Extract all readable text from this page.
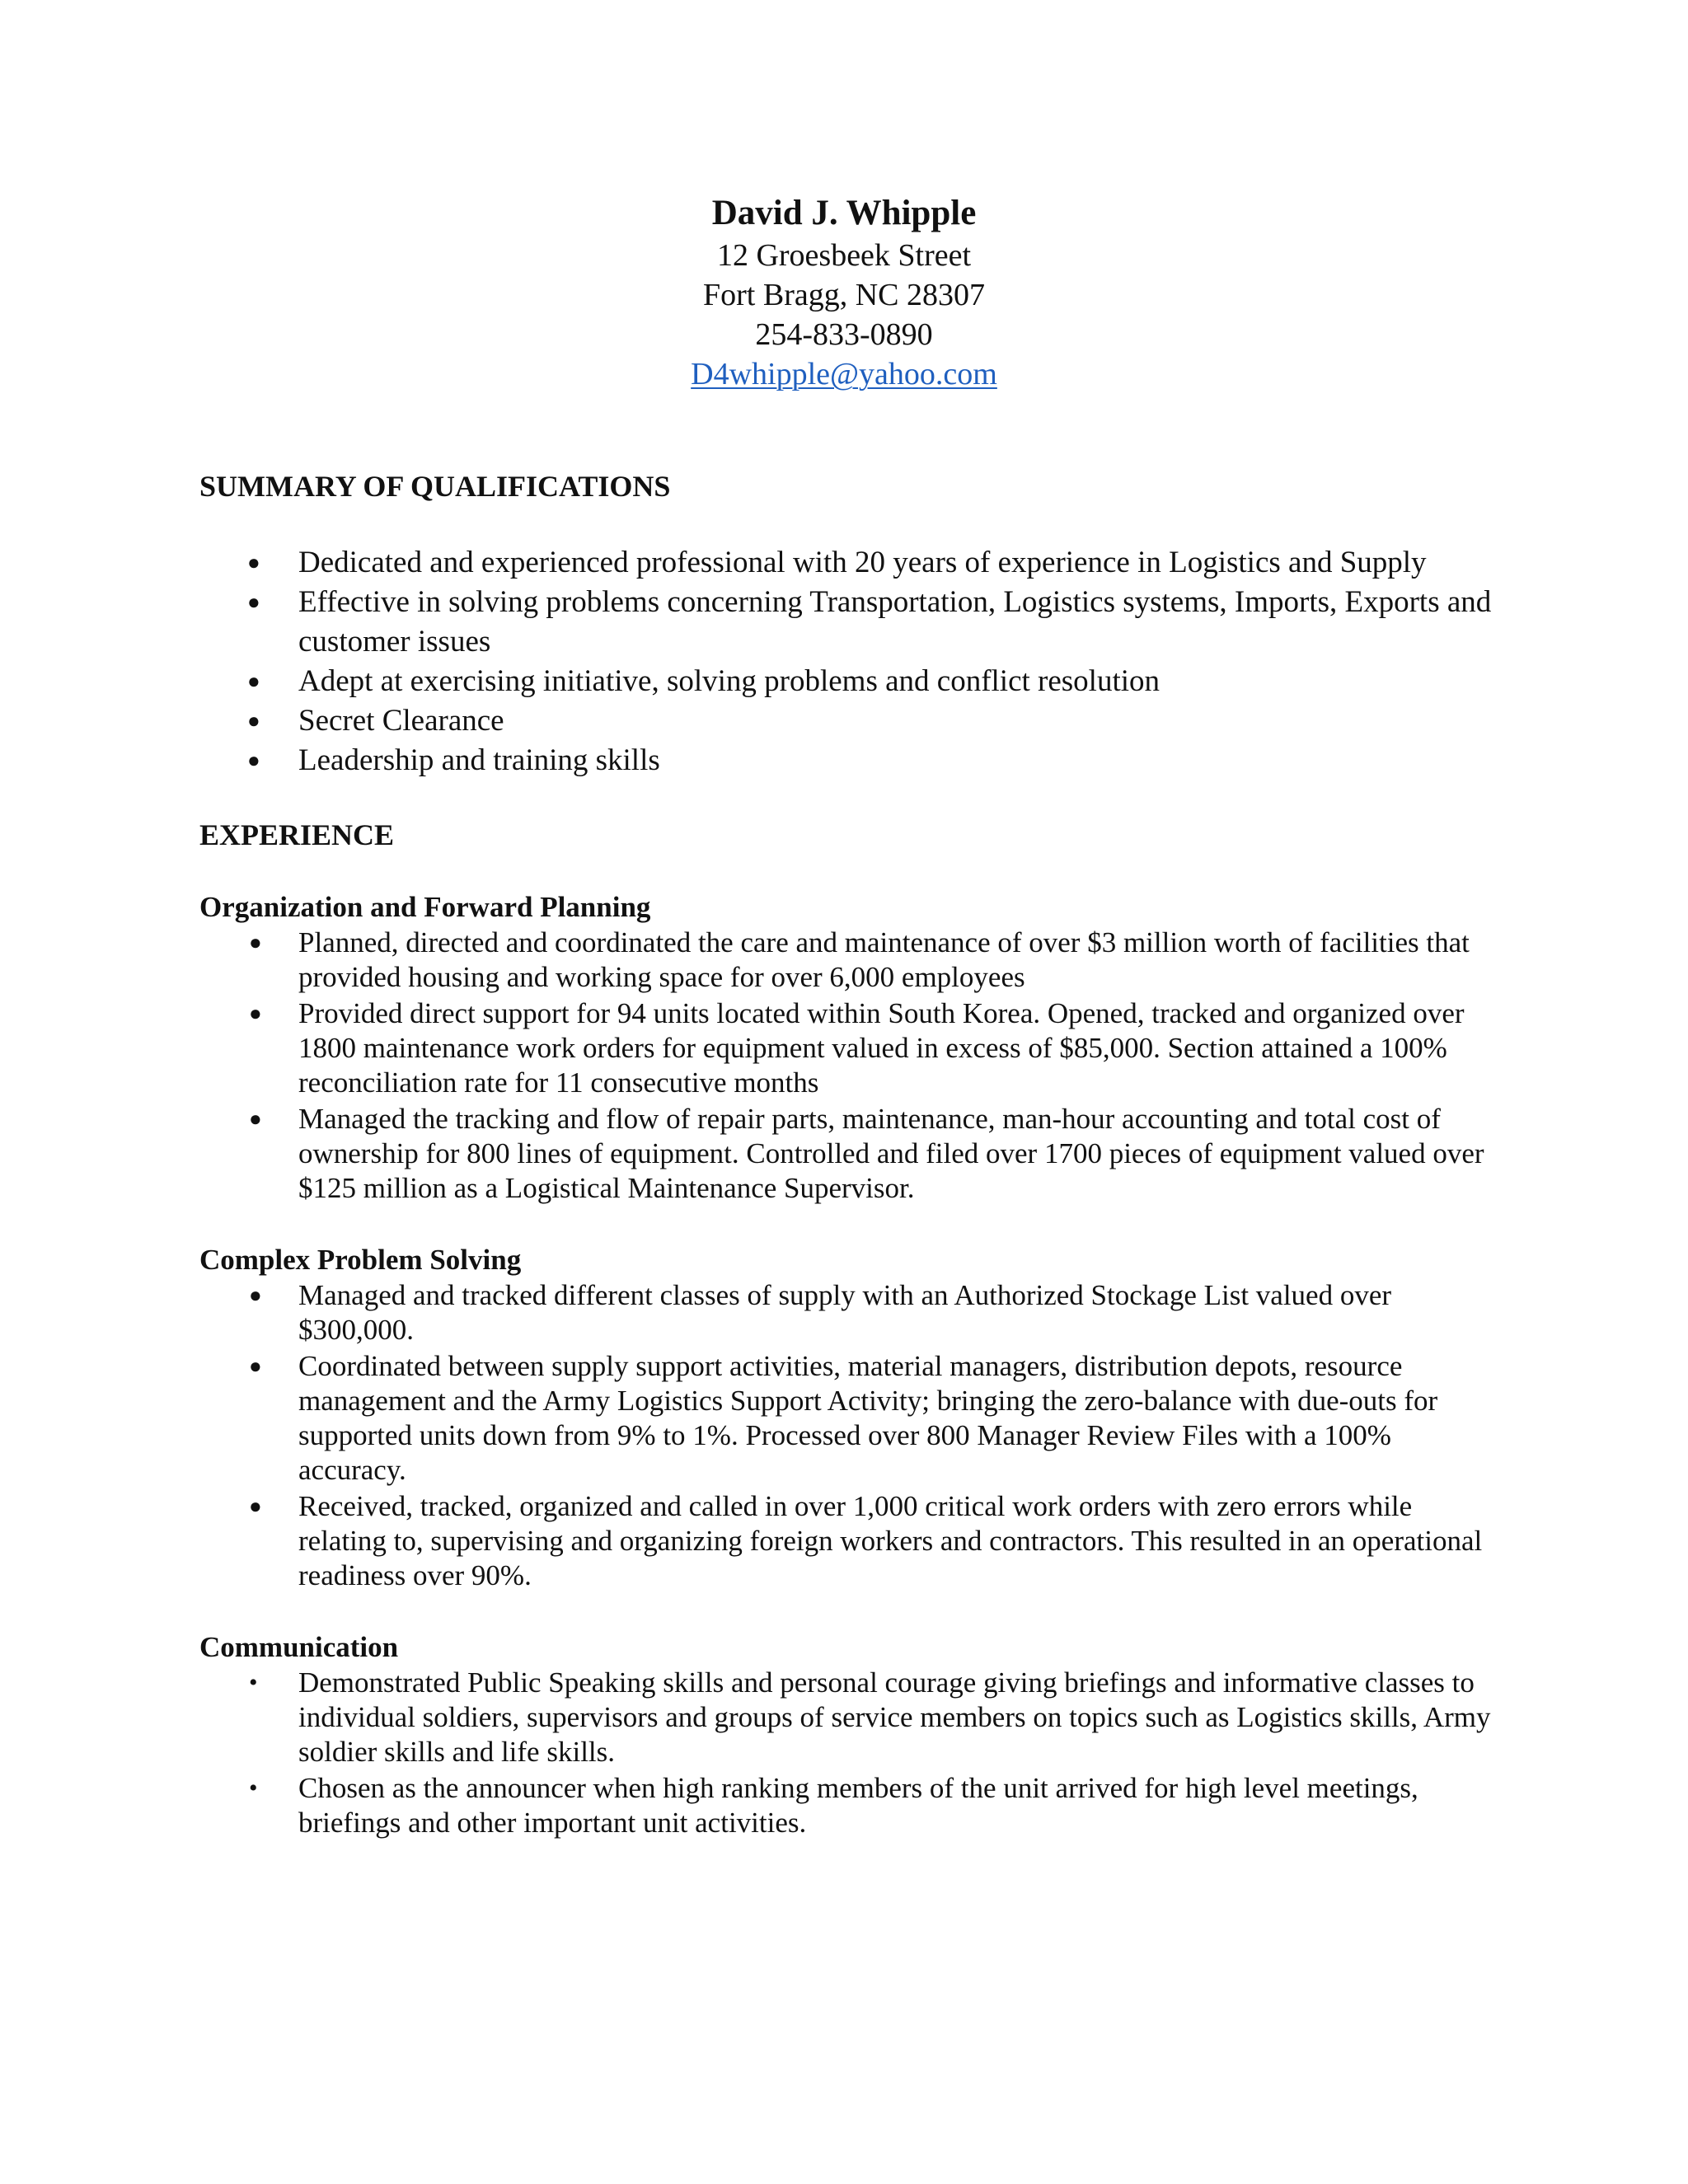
David J. Whipple

12 Groesbeek Street

Fort Bragg, NC 28307

254-833-0890

D4whipple@yahoo.com

SUMMARY OF QUALIFICATIONS
● Dedicated and experienced professional with 20 years of experience in Logistics and Supply
● Effective in solving problems concerning Transportation, Logistics systems, Imports, Exports and customer issues
● Adept at exercising initiative, solving problems and conflict resolution
● Secret Clearance
● Leadership and training skills
EXPERIENCE
Organization and Forward Planning
● Planned, directed and coordinated the care and maintenance of over $3 million worth of facilities that provided housing and working space for over 6,000 employees
● Provided direct support for 94 units located within South Korea. Opened, tracked and organized over 1800 maintenance work orders for equipment valued in excess of $85,000. Section attained a 100% reconciliation rate for 11 consecutive months
● Managed the tracking and flow of repair parts, maintenance, man-hour accounting and total cost of ownership for 800 lines of equipment. Controlled and filed over 1700 pieces of equipment valued over $125 million as a Logistical Maintenance Supervisor.
Complex Problem Solving
● Managed and tracked different classes of supply with an Authorized Stockage List valued over $300,000.
● Coordinated between supply support activities, material managers, distribution depots, resource management and the Army Logistics Support Activity; bringing the zero-balance with due-outs for supported units down from 9% to 1%. Processed over 800 Manager Review Files with a 100% accuracy.
● Received, tracked, organized and called in over 1,000 critical work orders with zero errors while relating to, supervising and organizing foreign workers and contractors. This resulted in an operational readiness over 90%.
Communication
• Demonstrated Public Speaking skills and personal courage giving briefings and informative classes to individual soldiers, supervisors and groups of service members on topics such as Logistics skills, Army soldier skills and life skills.
• Chosen as the announcer when high ranking members of the unit arrived for high level meetings, briefings and other important unit activities.
